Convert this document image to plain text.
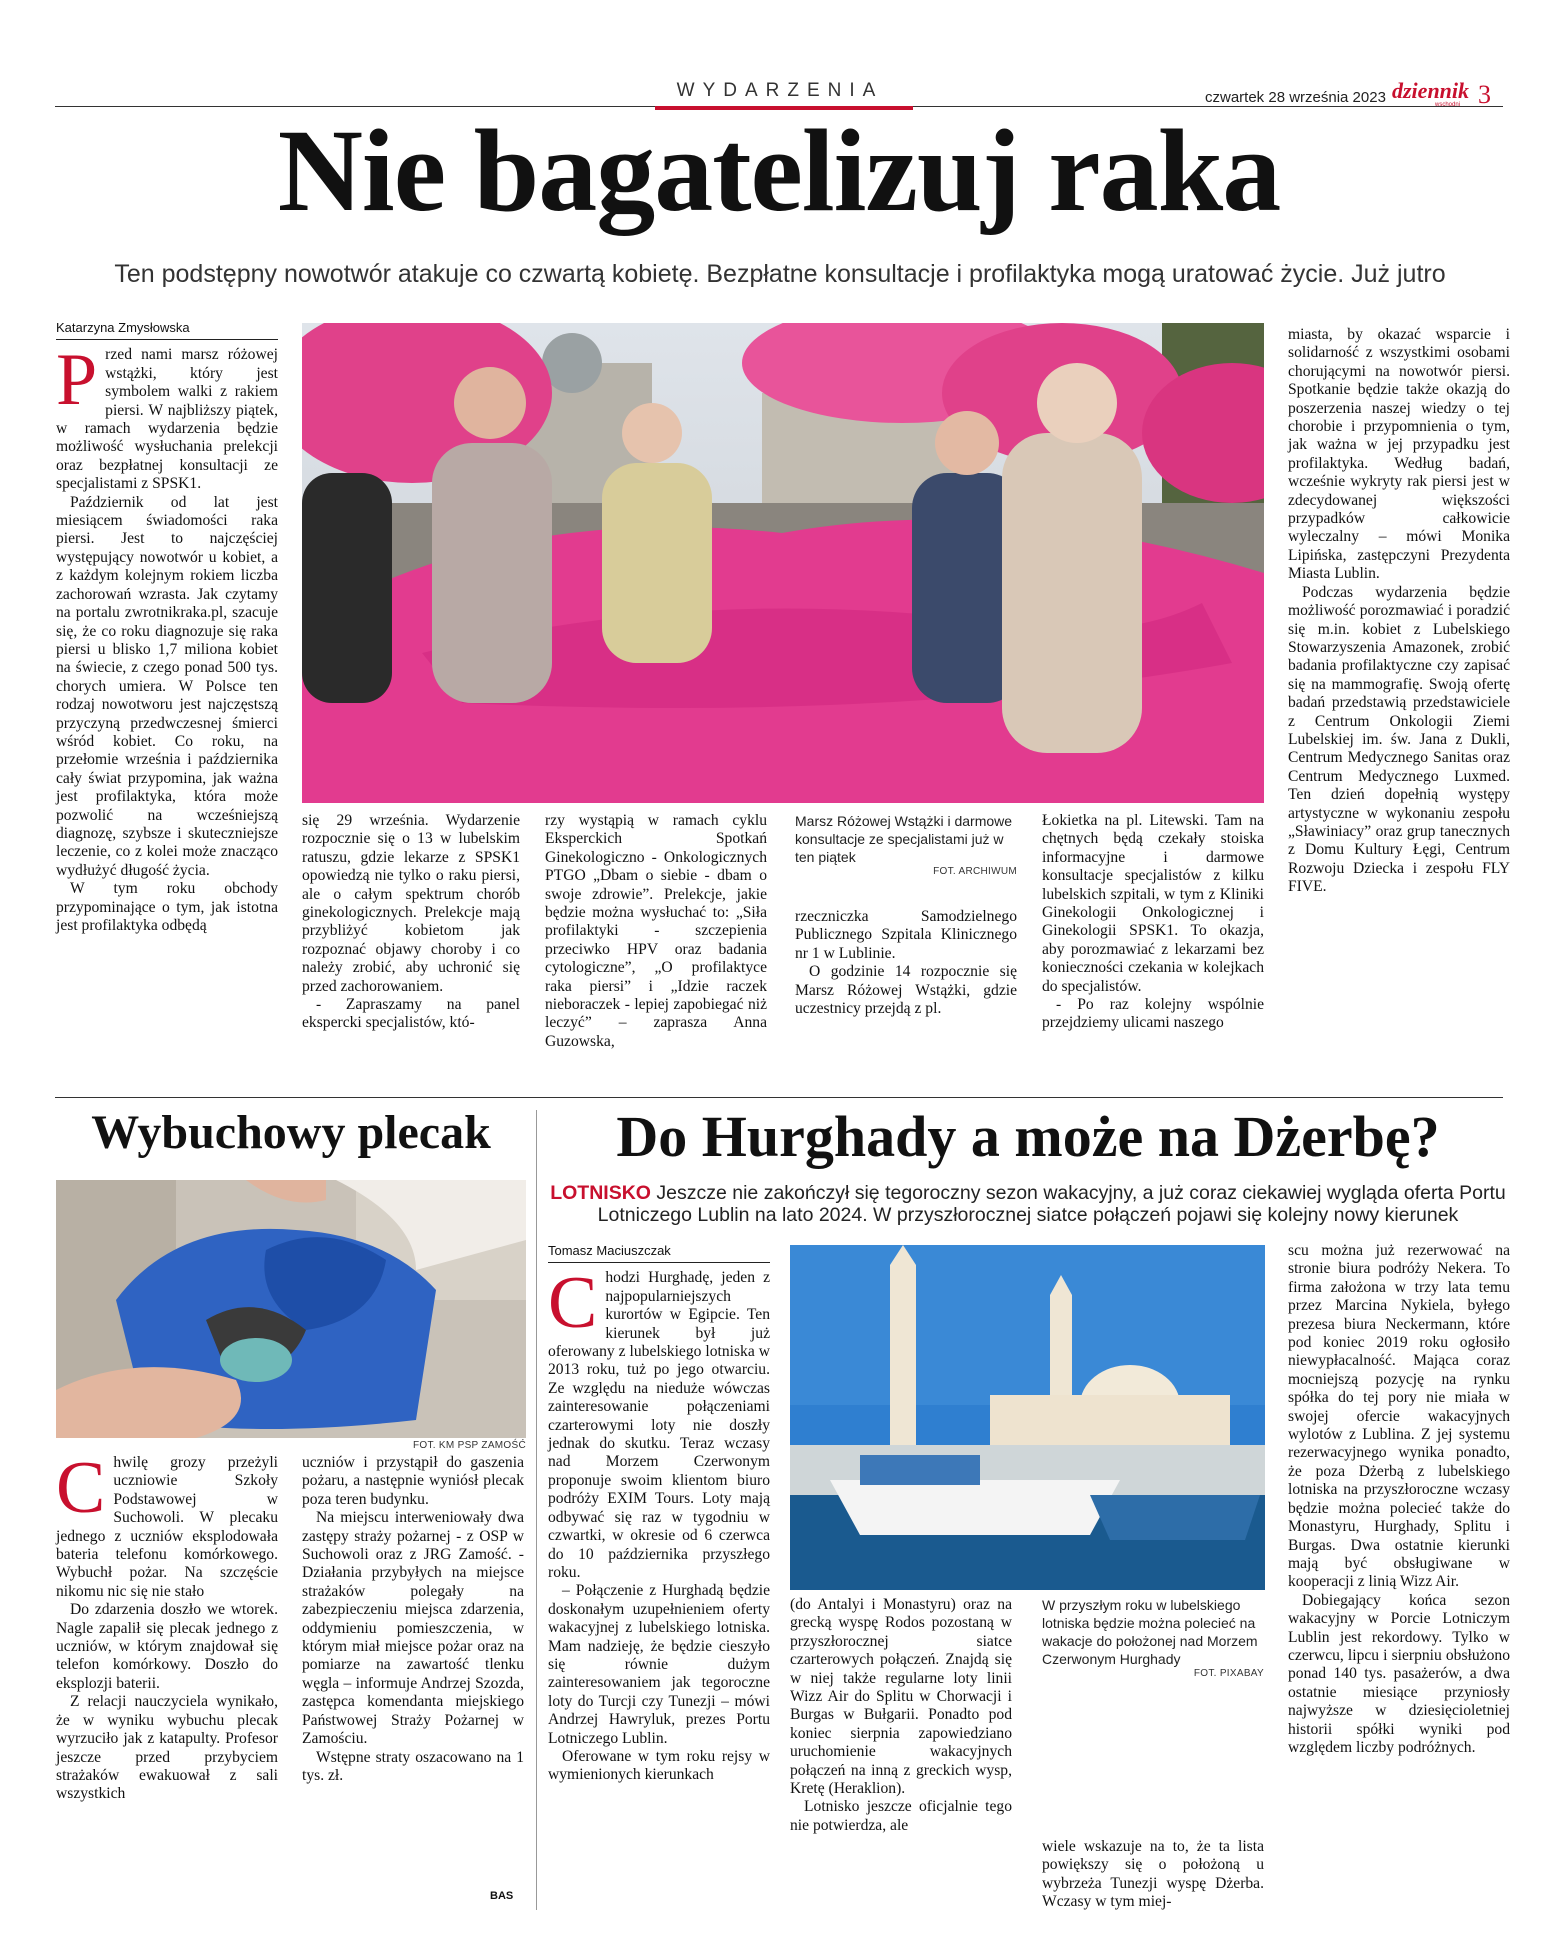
WYDARZENIA	czwartek 28 września 2023 dziennik
wschodni 3
Nie bagatelizuj raka
Ten podstępny nowotwór atakuje co czwartą kobietę. Bezpłatne konsultacje i profilaktyka mogą uratować życie. Już jutro
Katarzyna Zmysłowska
P rzed nami marsz różowej wstążki, który jest symbolem walki z rakiem piersi. W najbliższy piątek, w ramach wydarzenia będzie możliwość wysłuchania prelekcji oraz bezpłatnej konsultacji ze specjalistami z SPSK1.

Październik od lat jest miesiącem świadomości raka piersi. Jest to najczęściej występujący nowotwór u kobiet, a z każdym kolejnym rokiem liczba zachorowań wzrasta. Jak czytamy na portalu zwrotnikraka.pl, szacuje się, że co roku diagnozuje się raka piersi u blisko 1,7 miliona kobiet na świecie, z czego ponad 500 tys. chorych umiera. W Polsce ten rodzaj nowotworu jest najczęstszą przyczyną przedwczesnej śmierci wśród kobiet. Co roku, na przełomie września i października cały świat przypomina, jak ważna jest profilaktyka, która może pozwolić na wcześniejszą diagnozę, szybsze i skuteczniejsze leczenie, co z kolei może znacząco wydłużyć długość życia.

W tym roku obchody przypominające o tym, jak istotna jest profilaktyka odbędą

się 29 września. Wydarzenie rozpocznie się o 13 w lubelskim ratuszu, gdzie lekarze z SPSK1 opowiedzą nie tylko o raku piersi, ale o całym spektrum chorób ginekologicznych. Prelekcje mają przybliżyć kobietom jak rozpoznać objawy choroby i co należy zrobić, aby uchronić się przed zachorowaniem.

- Zapraszamy na panel ekspercki specjalistów, któ-

rzy wystąpią w ramach cyklu Eksperckich Spotkań Ginekologiczno - Onkologicznych PTGO „Dbam o siebie - dbam o swoje zdrowie”. Prelekcje, jakie będzie można wysłuchać to: „Siła profilaktyki - szczepienia przeciwko HPV oraz badania cytologiczne”, „O profilaktyce raka piersi” i „Idzie raczek nieboraczek - lepiej zapobiegać niż leczyć” – zaprasza Anna Guzowska,

Marsz Różowej Wstążki i darmowe konsultacje ze specjalistami już w ten piątek
FOT. ARCHIWUM

rzeczniczka Samodzielnego Publicznego Szpitala Klinicznego nr 1 w Lublinie.

O godzinie 14 rozpocznie się Marsz Różowej Wstążki, gdzie uczestnicy przejdą z pl.

Łokietka na pl. Litewski. Tam na chętnych będą czekały stoiska informacyjne i darmowe konsultacje specjalistów z kilku lubelskich szpitali, w tym z Kliniki Ginekologii Onkologicznej i Ginekologii SPSK1. To okazja, aby porozmawiać z lekarzami bez konieczności czekania w kolejkach do specjalistów.

- Po raz kolejny wspólnie przejdziemy ulicami naszego

miasta, by okazać wsparcie i solidarność z wszystkimi osobami chorującymi na nowotwór piersi. Spotkanie będzie także okazją do poszerzenia naszej wiedzy o tej chorobie i przypomnienia o tym, jak ważna w jej przypadku jest profilaktyka. Według badań, wcześnie wykryty rak piersi jest w zdecydowanej większości przypadków całkowicie wyleczalny – mówi Monika Lipińska, zastępczyni Prezydenta Miasta Lublin.

Podczas wydarzenia będzie możliwość porozmawiać i poradzić się m.in. kobiet z Lubelskiego Stowarzyszenia Amazonek, zrobić badania profilaktyczne czy zapisać się na mammografię. Swoją ofertę badań przedstawią przedstawiciele z Centrum Onkologii Ziemi Lubelskiej im. św. Jana z Dukli, Centrum Medycznego Sanitas oraz Centrum Medycznego Luxmed. Ten dzień dopełnią występy artystyczne w wykonaniu zespołu „Sławiniacy” oraz grup tanecznych z Domu Kultury Łęgi, Centrum Rozwoju Dziecka i zespołu FLY FIVE.

Wybuchowy plecak
FOT. KM PSP ZAMOŚĆ
C hwilę grozy przeżyli uczniowie Szkoły Podstawowej w Suchowoli. W plecaku jednego z uczniów eksplodowała bateria telefonu komórkowego. Wybuchł pożar. Na szczęście nikomu nic się nie stało

Do zdarzenia doszło we wtorek. Nagle zapalił się plecak jednego z uczniów, w którym znajdował się telefon komórkowy. Doszło do eksplozji baterii.

Z relacji nauczyciela wynikało, że w wyniku wybuchu plecak wyrzuciło jak z katapulty. Profesor jeszcze przed przybyciem strażaków ewakuował z sali wszystkich

uczniów i przystąpił do gaszenia pożaru, a następnie wyniósł plecak poza teren budynku.

Na miejscu interweniowały dwa zastępy straży pożarnej - z OSP w Suchowoli oraz z JRG Zamość. - Działania przybyłych na miejsce strażaków polegały na zabezpieczeniu miejsca zdarzenia, oddymieniu pomieszczenia, w którym miał miejsce pożar oraz na pomiarze na zawartość tlenku węgla – informuje Andrzej Szozda, zastępca komendanta miejskiego Państwowej Straży Pożarnej w Zamościu.

Wstępne straty oszacowano na 1 tys. zł.

BAS
Do Hurghady a może na Dżerbę?
LOTNISKO Jeszcze nie zakończył się tegoroczny sezon wakacyjny, a już coraz ciekawiej wygląda oferta Portu Lotniczego Lublin na lato 2024. W przyszłorocznej siatce połączeń pojawi się kolejny nowy kierunek
Tomasz Maciuszczak
C hodzi Hurghadę, jeden z najpopularniejszych kurortów w Egipcie. Ten kierunek był już oferowany z lubelskiego lotniska w 2013 roku, tuż po jego otwarciu. Ze względu na nieduże wówczas zainteresowanie połączeniami czarterowymi loty nie doszły jednak do skutku. Teraz wczasy nad Morzem Czerwonym proponuje swoim klientom biuro podróży EXIM Tours. Loty mają odbywać się raz w tygodniu w czwartki, w okresie od 6 czerwca do 10 października przyszłego roku.

– Połączenie z Hurghadą będzie doskonałym uzupełnieniem oferty wakacyjnej z lubelskiego lotniska. Mam nadzieję, że będzie cieszyło się równie dużym zainteresowaniem jak tegoroczne loty do Turcji czy Tunezji – mówi Andrzej Hawryluk, prezes Portu Lotniczego Lublin.

Oferowane w tym roku rejsy w wymienionych kierunkach

(do Antalyi i Monastyru) oraz na grecką wyspę Rodos pozostaną w przyszłorocznej siatce czarterowych połączeń. Znajdą się w niej także regularne loty linii Wizz Air do Splitu w Chorwacji i Burgas w Bułgarii. Ponadto pod koniec sierpnia zapowiedziano uruchomienie wakacyjnych połączeń na inną z greckich wysp, Kretę (Heraklion).

Lotnisko jeszcze oficjalnie tego nie potwierdza, ale

W przyszłym roku w lubelskiego lotniska będzie można polecieć na wakacje do położonej nad Morzem Czerwonym Hurghady
FOT. PIXABAY

wiele wskazuje na to, że ta lista powiększy się o położoną u wybrzeża Tunezji wyspę Dżerba. Wczasy w tym miej-

scu można już rezerwować na stronie biura podróży Nekera. To firma założona w trzy lata temu przez Marcina Nykiela, byłego prezesa biura Neckermann, które pod koniec 2019 roku ogłosiło niewypłacalność. Mająca coraz mocniejszą pozycję na rynku spółka do tej pory nie miała w swojej ofercie wakacyjnych wylotów z Lublina. Z jej systemu rezerwacyjnego wynika ponadto, że poza Dżerbą z lubelskiego lotniska na przyszłoroczne wczasy będzie można polecieć także do Monastyru, Hurghady, Splitu i Burgas. Dwa ostatnie kierunki mają być obsługiwane w kooperacji z linią Wizz Air.

Dobiegający końca sezon wakacyjny w Porcie Lotniczym Lublin jest rekordowy. Tylko w czerwcu, lipcu i sierpniu obsłużono ponad 140 tys. pasażerów, a dwa ostatnie miesiące przyniosły najwyższe w dziesięcioletniej historii spółki wyniki pod względem liczby podróżnych.
